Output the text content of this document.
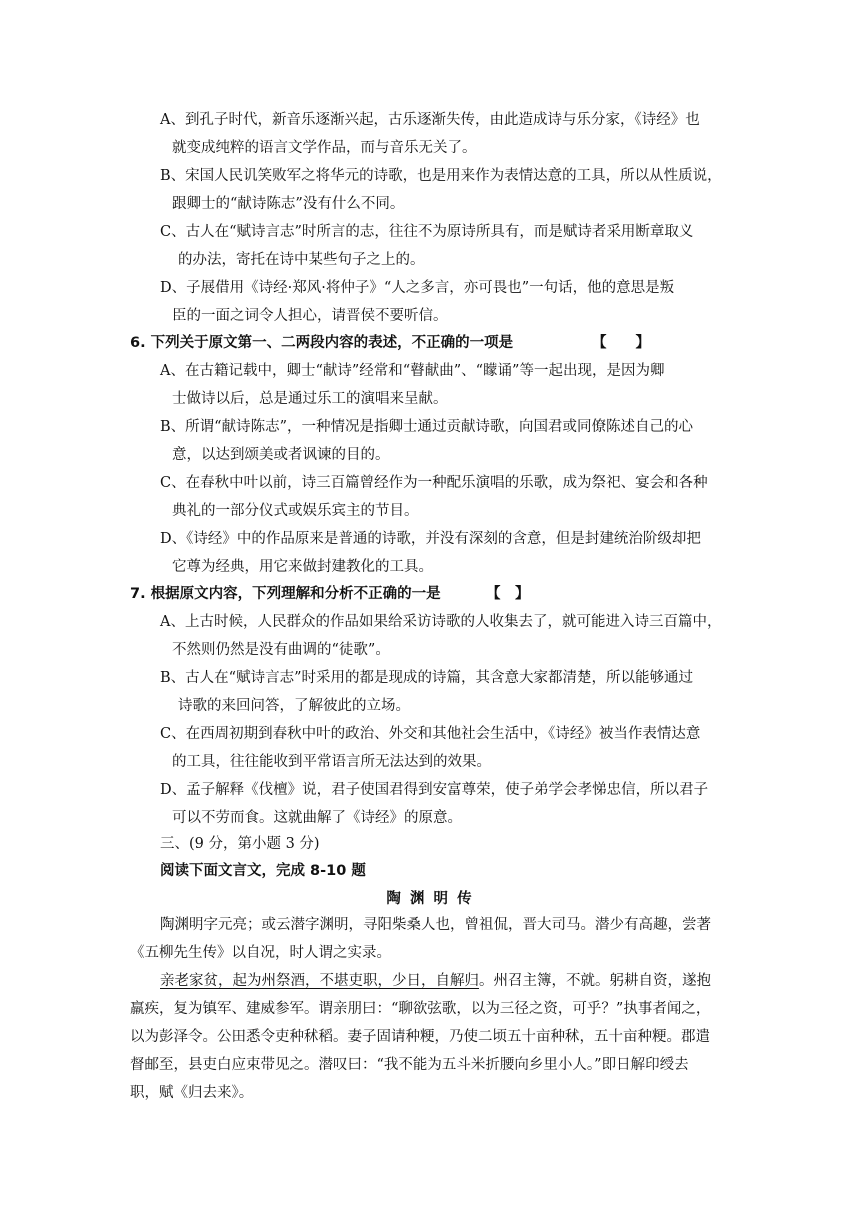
A、到孔子时代，新音乐逐渐兴起，古乐逐渐失传，由此造成诗与乐分家，《诗经》也
就变成纯粹的语言文学作品，而与音乐无关了。
B、宋国人民讥笑败军之将华元的诗歌，也是用来作为表情达意的工具，所以从性质说，
跟卿士的“献诗陈志”没有什么不同。
C、古人在“赋诗言志”时所言的志，往往不为原诗所具有，而是赋诗者采用断章取义
的办法，寄托在诗中某些句子之上的。
D、子展借用《诗经·郑风·将仲子》“人之多言，亦可畏也”一句话，他的意思是叛
臣的一面之词令人担心，请晋侯不要听信。
6. 下列关于原文第一、二两段内容的表述，不正确的一项是	【　　】
A、在古籍记载中，卿士“献诗”经常和“瞽献曲”、“矇诵”等一起出现，是因为卿
士做诗以后，总是通过乐工的演唱来呈献。
B、所谓“献诗陈志”，一种情况是指卿士通过贡献诗歌，向国君或同僚陈述自己的心
意，以达到颂美或者讽谏的目的。
C、在春秋中叶以前，诗三百篇曾经作为一种配乐演唱的乐歌，成为祭祀、宴会和各种
典礼的一部分仪式或娱乐宾主的节目。
D、《诗经》中的作品原来是普通的诗歌，并没有深刻的含意，但是封建统治阶级却把
它尊为经典，用它来做封建教化的工具。
7. 根据原文内容，下列理解和分析不正确的一是	【　】
A、上古时候，人民群众的作品如果给采访诗歌的人收集去了，就可能进入诗三百篇中，
不然则仍然是没有曲调的“徒歌”。
B、古人在“赋诗言志”时采用的都是现成的诗篇，其含意大家都清楚，所以能够通过
诗歌的来回问答，了解彼此的立场。
C、在西周初期到春秋中叶的政治、外交和其他社会生活中，《诗经》被当作表情达意
的工具，往往能收到平常语言所无法达到的效果。
D、孟子解释《伐檀》说，君子使国君得到安富尊荣，使子弟学会孝悌忠信，所以君子
可以不劳而食。这就曲解了《诗经》的原意。
三、(9 分，第小题 3 分)
阅读下面文言文，完成 8-10 题
陶 渊 明 传
陶渊明字元亮；或云潜字渊明，寻阳柴桑人也，曾祖侃，晋大司马。潜少有高趣，尝著
《五柳先生传》以自况，时人谓之实录。
亲老家贫，起为州祭酒，不堪吏职，少日，自解归。州召主簿，不就。躬耕自资，遂抱
羸疾，复为镇军、建威参军。谓亲朋曰：“聊欲弦歌，以为三径之资，可乎？”执事者闻之，
以为彭泽令。公田悉令吏种秫稻。妻子固请种粳，乃使二顷五十亩种秫，五十亩种粳。郡遣
督邮至，县吏白应束带见之。潜叹曰：“我不能为五斗米折腰向乡里小人。”即日解印绶去
职，赋《归去来》。
